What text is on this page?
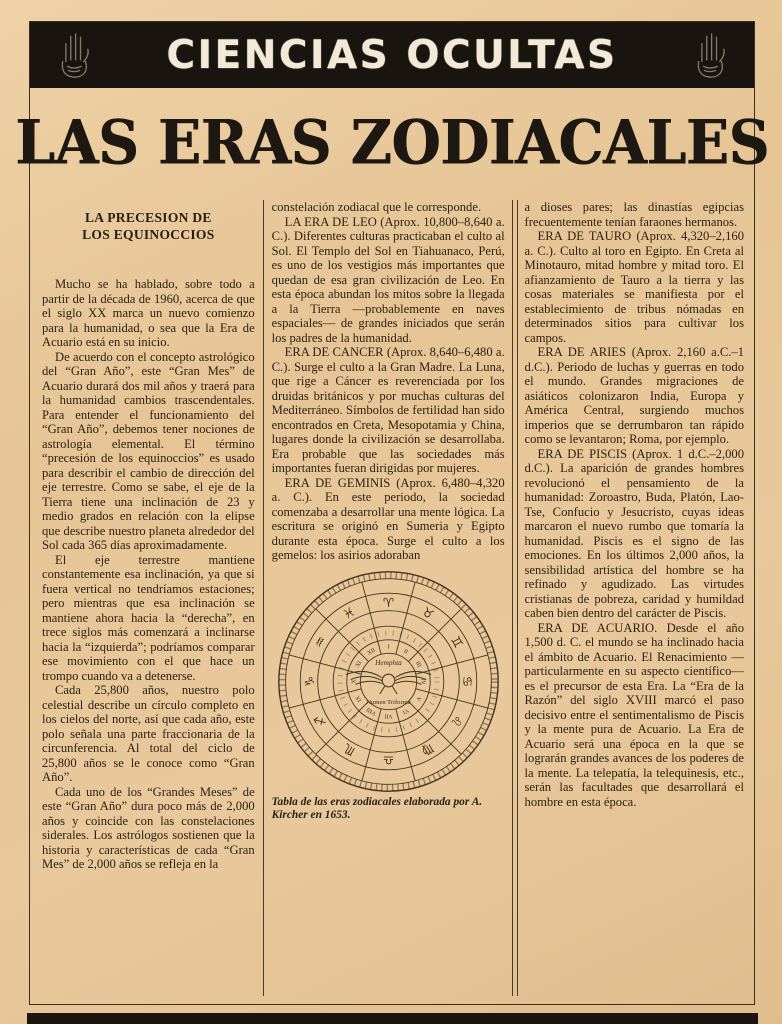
CIENCIAS OCULTAS
LAS ERAS ZODIACALES
LA PRECESION DE
LOS EQUINOCCIOS

Mucho se ha hablado, sobre todo a partir de la década de 1960, acerca de que el siglo XX marca un nuevo comienzo para la humanidad, o sea que la Era de Acuario está en su inicio.

De acuerdo con el concepto astrológico del “Gran Año”, este “Gran Mes” de Acuario durará dos mil años y traerá para la humanidad cambios trascendentales. Para entender el funcionamiento del “Gran Año”, debemos tener nociones de astrología elemental. El término “precesión de los equinoccios” es usado para describir el cambio de dirección del eje terrestre. Como se sabe, el eje de la Tierra tiene una inclinación de 23 y medio grados en relación con la elipse que describe nuestro planeta alrededor del Sol cada 365 días aproximadamente.

El eje terrestre mantiene constantemente esa inclinación, ya que si fuera vertical no tendríamos estaciones; pero mientras que esa inclinación se mantiene ahora hacia la “derecha”, en trece siglos más comenzará a inclinarse hacia la “izquierda”; podríamos comparar ese movimiento con el que hace un trompo cuando va a detenerse.

Cada 25,800 años, nuestro polo celestial describe un círculo completo en los cielos del norte, así que cada año, este polo señala una parte fraccionaria de la circunferencia. Al total del ciclo de 25,800 años se le conoce como “Gran Año”.

Cada uno de los “Grandes Meses” de este “Gran Año” dura poco más de 2,000 años y coincide con las constelaciones siderales. Los astrólogos sostienen que la historia y características de cada “Gran Mes” de 2,000 años se refleja en la

constelación zodiacal que le corresponde.

LA ERA DE LEO (Aprox. 10,800–8,640 a. C.). Diferentes culturas practicaban el culto al Sol. El Templo del Sol en Tiahuanaco, Perú, es uno de los vestigios más importantes que quedan de esa gran civilización de Leo. En esta época abundan los mitos sobre la llegada a la Tierra —probablemente en naves espaciales— de grandes iniciados que serán los padres de la humanidad.

ERA DE CANCER (Aprox. 8,640–6,480 a. C.). Surge el culto a la Gran Madre. La Luna, que rige a Cáncer es reverenciada por los druidas británicos y por muchas culturas del Mediterráneo. Símbolos de fertilidad han sido encontrados en Creta, Mesopotamia y China, lugares donde la civilización se desarrollaba. Era probable que las sociedades más importantes fueran dirigidas por mujeres.

ERA DE GEMINIS (Aprox. 6,480–4,320 a. C.). En este periodo, la sociedad comenzaba a desarrollar una mente lógica. La escritura se originó en Sumeria y Egipto durante esta época. Surge el culto a los gemelos: los asirios adoraban

♈
♉
♊
♋
♌
♍
♎
♏
♐
♑
♒
♓
I
II
III
IV
V
VI
VII
VIII
IX
X
XI
XII
Hemphta
Numen Triforme

Tabla de las eras zodiacales elaborada por A. Kircher en 1653.

a dioses pares; las dinastías egipcias frecuentemente tenían faraones hermanos.

ERA DE TAURO (Aprox. 4,320–2,160 a. C.). Culto al toro en Egipto. En Creta al Minotauro, mitad hombre y mitad toro. El afianzamiento de Tauro a la tierra y las cosas materiales se manifiesta por el establecimiento de tribus nómadas en determinados sitios para cultivar los campos.

ERA DE ARIES (Aprox. 2,160 a.C.–1 d.C.). Periodo de luchas y guerras en todo el mundo. Grandes migraciones de asiáticos colonizaron India, Europa y América Central, surgiendo muchos imperios que se derrumbaron tan rápido como se levantaron; Roma, por ejemplo.

ERA DE PISCIS (Aprox. 1 d.C.–2,000 d.C.). La aparición de grandes hombres revolucionó el pensamiento de la humanidad: Zoroastro, Buda, Platón, Lao-Tse, Confucio y Jesucristo, cuyas ideas marcaron el nuevo rumbo que tomaría la humanidad. Piscis es el signo de las emociones. En los últimos 2,000 años, la sensibilidad artística del hombre se ha refinado y agudizado. Las virtudes cristianas de pobreza, caridad y humildad caben bien dentro del carácter de Piscis.

ERA DE ACUARIO. Desde el año 1,500 d. C. el mundo se ha inclinado hacia el ámbito de Acuario. El Renacimiento —particularmente en su aspecto científico— es el precursor de esta Era. La “Era de la Razón” del siglo XVIII marcó el paso decisivo entre el sentimentalismo de Piscis y la mente pura de Acuario. La Era de Acuario será una época en la que se lograrán grandes avances de los poderes de la mente. La telepatía, la telequinesis, etc., serán las facultades que desarrollará el hombre en esta época.
